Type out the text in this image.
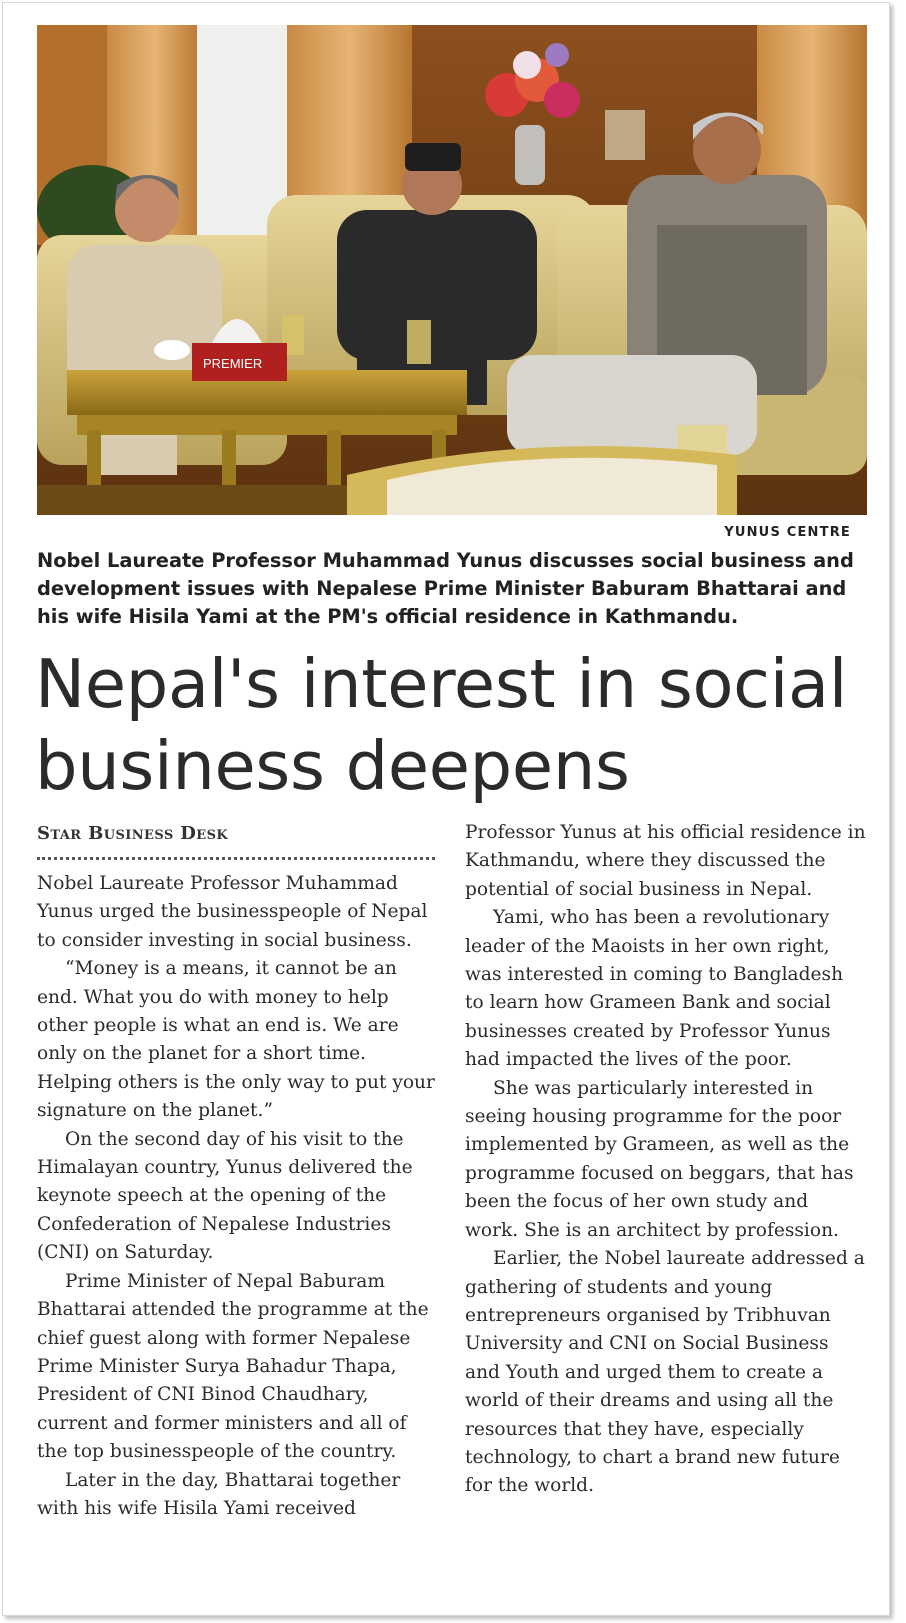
PREMIER
YUNUS CENTRE
Nobel Laureate Professor Muhammad Yunus discusses social business and development issues with Nepalese Prime Minister Baburam Bhattarai and his wife Hisila Yami at the PM's official residence in Kathmandu.
Nepal's interest in social business deepens
Star Business Desk

Nobel Laureate Professor Muhammad Yunus urged the businesspeople of Nepal to consider investing in social business.

“Money is a means, it cannot be an end. What you do with money to help other people is what an end is. We are only on the planet for a short time. Helping others is the only way to put your signature on the planet.”

On the second day of his visit to the Himalayan country, Yunus delivered the keynote speech at the opening of the Confederation of Nepalese Industries (CNI) on Saturday.

Prime Minister of Nepal Baburam Bhattarai attended the programme at the chief guest along with former Nepalese Prime Minister Surya Bahadur Thapa, President of CNI Binod Chaudhary, current and former ministers and all of the top businesspeople of the country.

Later in the day, Bhattarai together with his wife Hisila Yami received

Professor Yunus at his official residence in Kathmandu, where they discussed the potential of social business in Nepal.

Yami, who has been a revolutionary leader of the Maoists in her own right, was interested in coming to Bangladesh to learn how Grameen Bank and social businesses created by Professor Yunus had impacted the lives of the poor.

She was particularly interested in seeing housing programme for the poor implemented by Grameen, as well as the programme focused on beggars, that has been the focus of her own study and work. She is an architect by profession.

Earlier, the Nobel laureate addressed a gathering of students and young entrepreneurs organised by Tribhuvan University and CNI on Social Business and Youth and urged them to create a world of their dreams and using all the resources that they have, especially technology, to chart a brand new future for the world.
